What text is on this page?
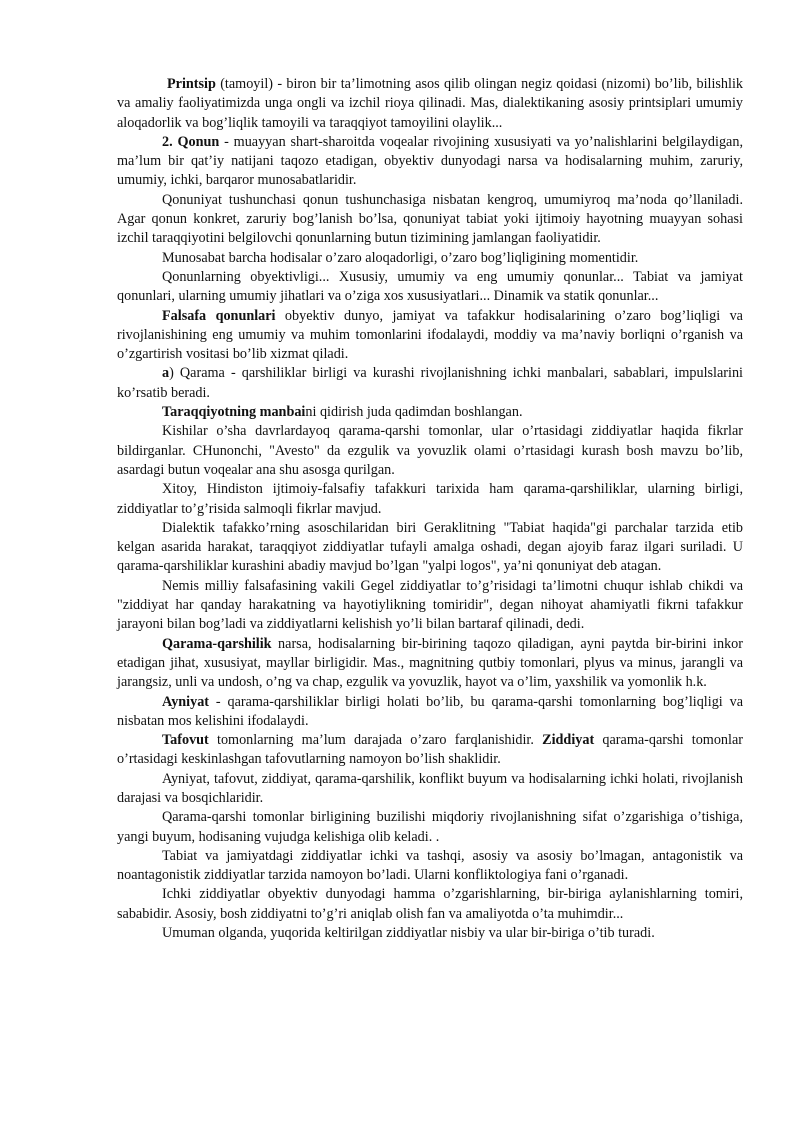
Printsip (tamoyil) - biron bir ta’limotning asos qilib olingan negiz qoidasi (nizomi) bo’lib, bilishlik va amaliy faoliyatimizda unga ongli va izchil rioya qilinadi. Mas, dialektikaning asosiy printsiplari umumiy aloqadorlik va bog’liqlik tamoyili va taraqqiyot tamoyilini olaylik...

2. Qonun - muayyan shart-sharoitda voqealar rivojining xususiyati va yo’nalishlarini belgilaydigan, ma’lum bir qat’iy natijani taqozo etadigan, obyektiv dunyodagi narsa va hodisalarning muhim, zaruriy, umumiy, ichki, barqaror munosabatlaridir.

Qonuniyat tushunchasi qonun tushunchasiga nisbatan kengroq, umumiyroq ma’noda qo’llaniladi. Agar qonun konkret, zaruriy bog’lanish bo’lsa, qonuniyat tabiat yoki ijtimoiy hayotning muayyan sohasi izchil taraqqiyotini belgilovchi qonunlarning butun tizimining jamlangan faoliyatidir.

Munosabat barcha hodisalar o’zaro aloqadorligi, o’zaro bog’liqligining momentidir.

Qonunlarning obyektivligi... Xususiy, umumiy va eng umumiy qonunlar... Tabiat va jamiyat qonunlari, ularning umumiy jihatlari va o’ziga xos xususiyatlari... Dinamik va statik qonunlar...

Falsafa qonunlari obyektiv dunyo, jamiyat va tafakkur hodisalarining o’zaro bog’liqligi va rivojlanishining eng umumiy va muhim tomonlarini ifodalaydi, moddiy va ma’naviy borliqni o’rganish va o’zgartirish vositasi bo’lib xizmat qiladi.

a) Qarama - qarshiliklar birligi va kurashi rivojlanishning ichki manbalari, sabablari, impulslarini ko’rsatib beradi.

Taraqqiyotning manbaini qidirish juda qadimdan boshlangan.

Kishilar o’sha davrlardayoq qarama-qarshi tomonlar, ular o’rtasidagi ziddiyatlar haqida fikrlar bildirganlar. CHunonchi, "Avesto" da ezgulik va yovuzlik olami o’rtasidagi kurash bosh mavzu bo’lib, asardagi butun voqealar ana shu asosga qurilgan.

Xitoy, Hindiston ijtimoiy-falsafiy tafakkuri tarixida ham qarama-qarshiliklar, ularning birligi, ziddiyatlar to’g’risida salmoqli fikrlar mavjud.

Dialektik tafakko’rning asoschilaridan biri Geraklitning "Tabiat haqida"gi parchalar tarzida etib kelgan asarida harakat, taraqqiyot ziddiyatlar tufayli amalga oshadi, degan ajoyib faraz ilgari suriladi. U qarama-qarshiliklar kurashini abadiy mavjud bo’lgan "yalpi logos", ya’ni qonuniyat deb atagan.

Nemis milliy falsafasining vakili Gegel ziddiyatlar to’g’risidagi ta’limotni chuqur ishlab chikdi va "ziddiyat har qanday harakatning va hayotiylikning tomiridir", degan nihoyat ahamiyatli fikrni tafakkur jarayoni bilan bog’ladi va ziddiyatlarni kelishish yo’li bilan bartaraf qilinadi, dedi.

Qarama-qarshilik narsa, hodisalarning bir-birining taqozo qiladigan, ayni paytda bir-birini inkor etadigan jihat, xususiyat, mayllar birligidir. Mas., magnitning qutbiy tomonlari, plyus va minus, jarangli va jarangsiz, unli va undosh, o’ng va chap, ezgulik va yovuzlik, hayot va o’lim, yaxshilik va yomonlik h.k.

Ayniyat - qarama-qarshiliklar birligi holati bo’lib, bu qarama-qarshi tomonlarning bog’liqligi va nisbatan mos kelishini ifodalaydi.

Tafovut tomonlarning ma’lum darajada o’zaro farqlanishidir. Ziddiyat qarama-qarshi tomonlar o’rtasidagi keskinlashgan tafovutlarning namoyon bo’lish shaklidir.

Ayniyat, tafovut, ziddiyat, qarama-qarshilik, konflikt buyum va hodisalarning ichki holati, rivojlanish darajasi va bosqichlaridir.

Qarama-qarshi tomonlar birligining buzilishi miqdoriy rivojlanishning sifat o’zgarishiga o’tishiga, yangi buyum, hodisaning vujudga kelishiga olib keladi. .

Tabiat va jamiyatdagi ziddiyatlar ichki va tashqi, asosiy va asosiy bo’lmagan, antagonistik va noantagonistik ziddiyatlar tarzida namoyon bo’ladi. Ularni konfliktologiya fani o’rganadi.

Ichki ziddiyatlar obyektiv dunyodagi hamma o’zgarishlarning, bir-biriga aylanishlarning tomiri, sababidir. Asosiy, bosh ziddiyatni to’g’ri aniqlab olish fan va amaliyotda o’ta muhimdir...

Umuman olganda, yuqorida keltirilgan ziddiyatlar nisbiy va ular bir-biriga o’tib turadi.
